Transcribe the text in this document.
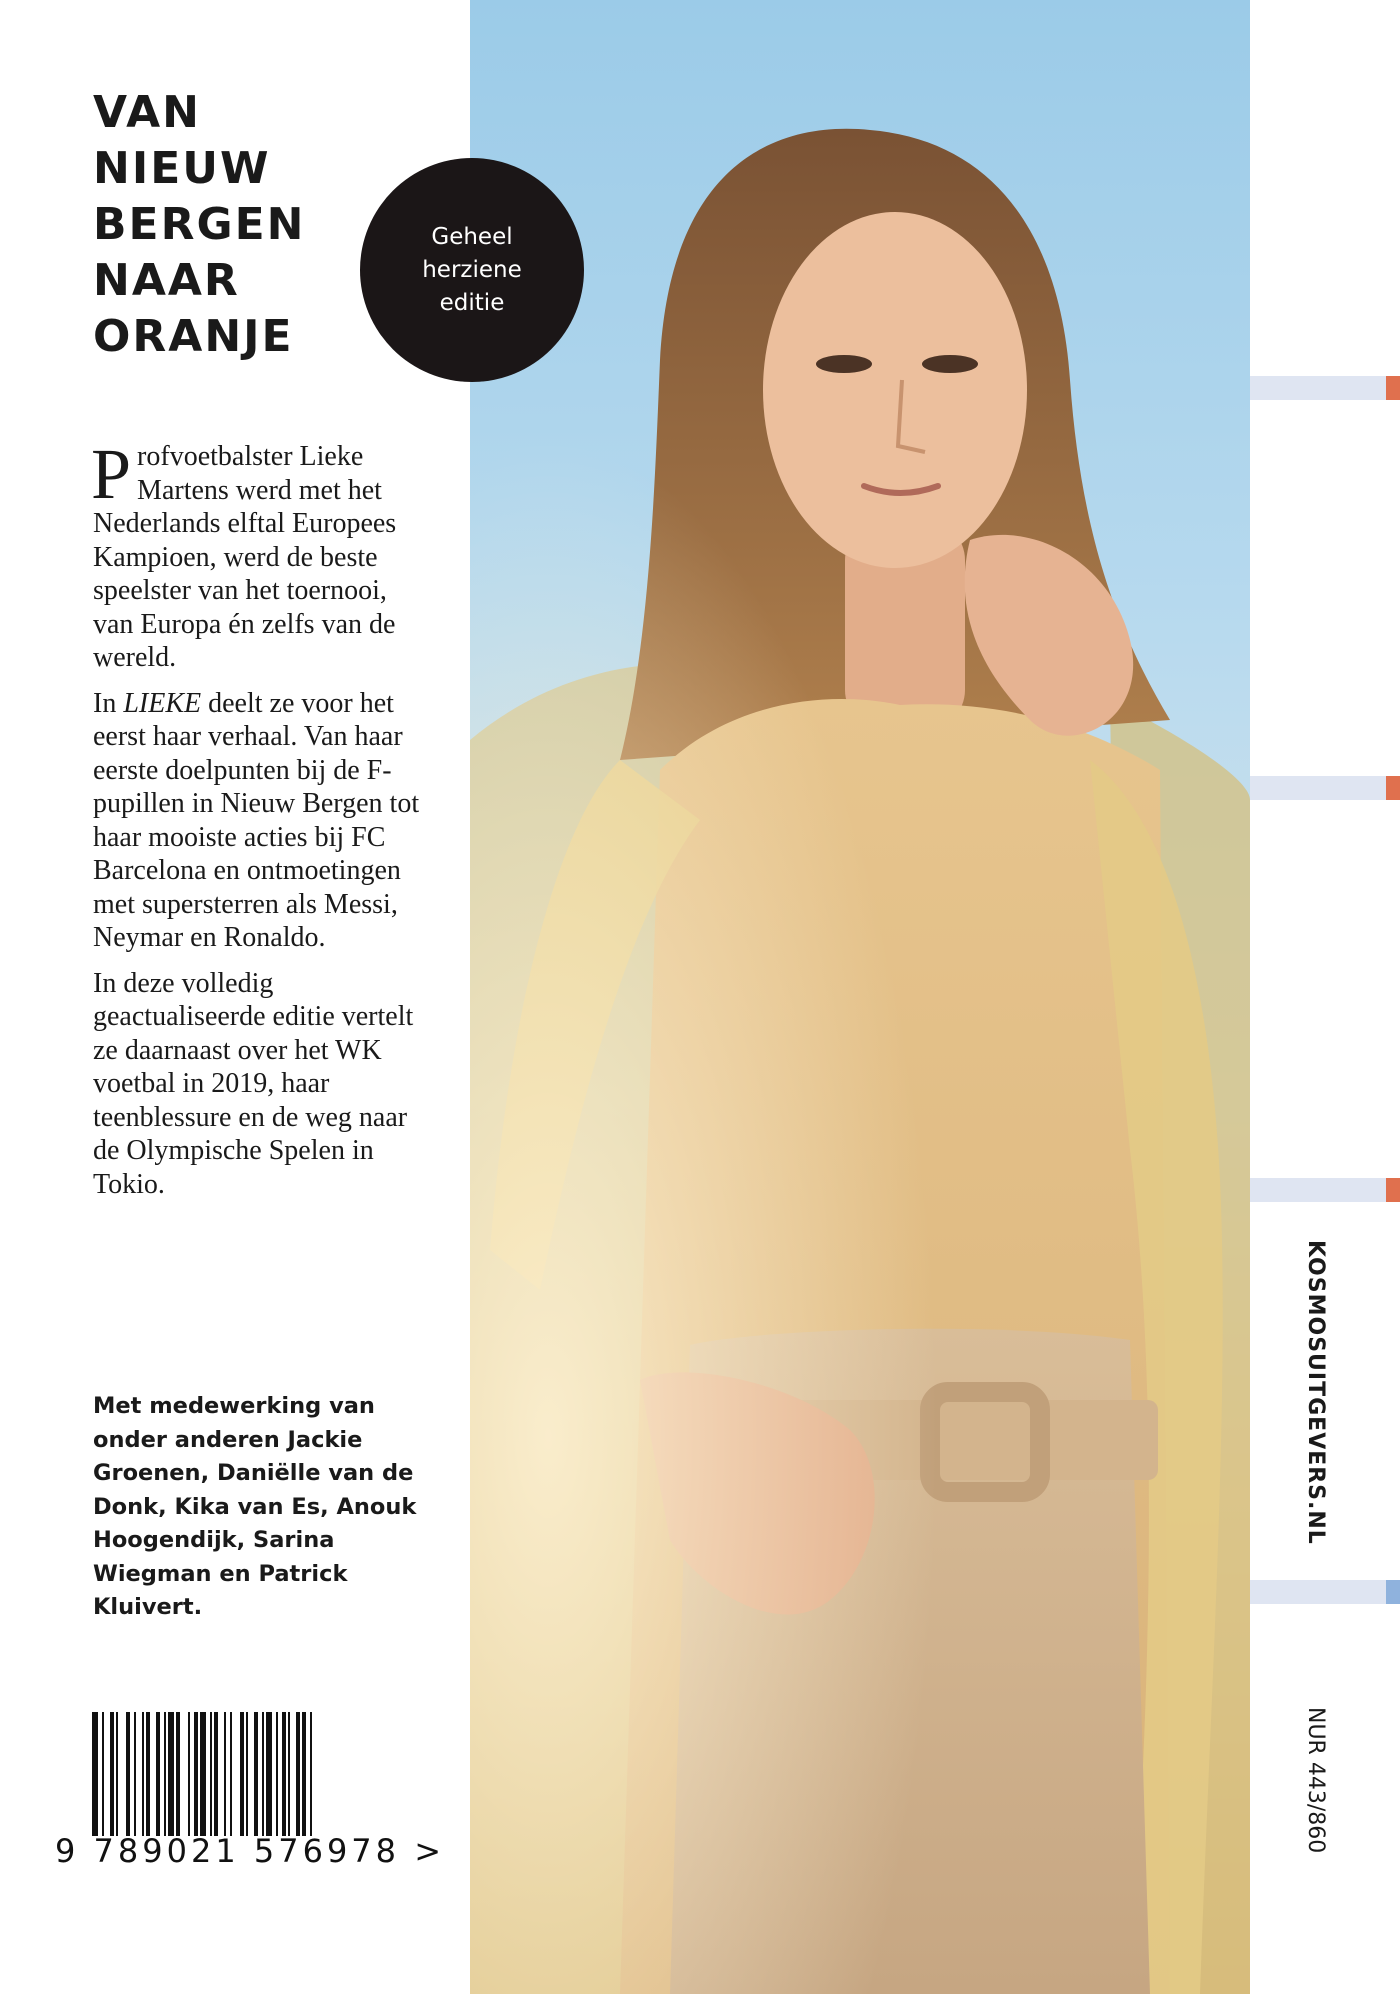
VAN
NIEUW
BERGEN
NAAR
ORANJE

Profvoetbalster Lieke Martens werd met het Nederlands elftal Europees Kampioen, werd de beste speelster van het toernooi, van Europa én zelfs van de wereld.

In LIEKE deelt ze voor het eerst haar verhaal. Van haar eerste doelpunten bij de F-pupillen in Nieuw Bergen tot haar mooiste acties bij FC Barcelona en ontmoetingen met supersterren als Messi, Neymar en Ronaldo.

In deze volledig geactualiseerde editie vertelt ze daarnaast over het WK voetbal in 2019, haar teenblessure en de weg naar de Olympische Spelen in Tokio.

Met medewerking van onder anderen Jackie Groenen, Daniëlle van de Donk, Kika van Es, Anouk Hoogendijk, Sarina Wiegman en Patrick Kluivert.
9 789021 576978 >
Geheel
herziene
editie
KOSMOSUITGEVERS.NL
NUR 443/860
